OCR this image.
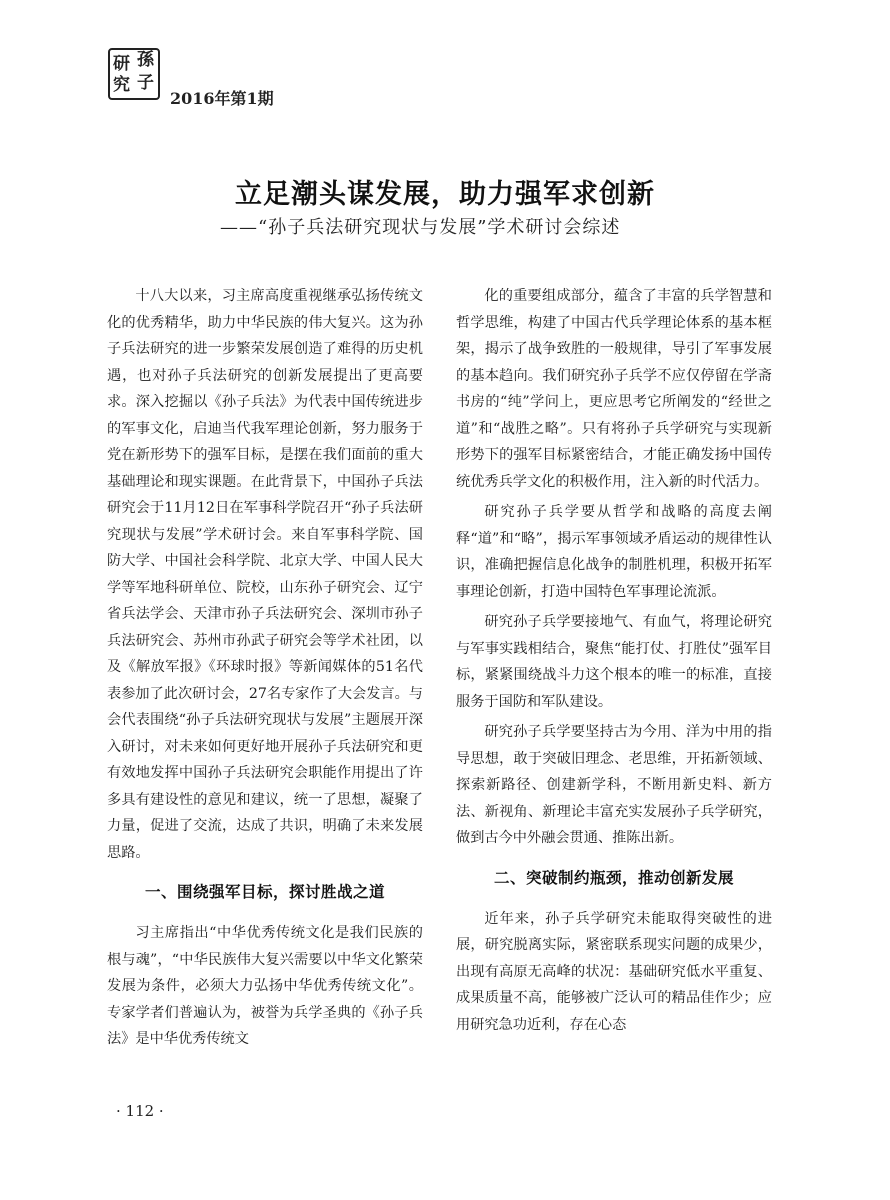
研 孫
究 子
2016年第1期
立足潮头谋发展，助力强军求创新
——“孙子兵法研究现状与发展”学术研讨会综述

十八大以来，习主席高度重视继承弘扬传统文化的优秀精华，助力中华民族的伟大复兴。这为孙子兵法研究的进一步繁荣发展创造了难得的历史机遇，也对孙子兵法研究的创新发展提出了更高要求。深入挖掘以《孙子兵法》为代表中国传统进步的军事文化，启迪当代我军理论创新，努力服务于党在新形势下的强军目标，是摆在我们面前的重大基础理论和现实课题。在此背景下，中国孙子兵法研究会于11月12日在军事科学院召开“孙子兵法研究现状与发展”学术研讨会。来自军事科学院、国防大学、中国社会科学院、北京大学、中国人民大学等军地科研单位、院校，山东孙子研究会、辽宁省兵法学会、天津市孙子兵法研究会、深圳市孙子兵法研究会、苏州市孙武子研究会等学术社团，以及《解放军报》《环球时报》等新闻媒体的51名代表参加了此次研讨会，27名专家作了大会发言。与会代表围绕“孙子兵法研究现状与发展”主题展开深入研讨，对未来如何更好地开展孙子兵法研究和更有效地发挥中国孙子兵法研究会职能作用提出了许多具有建设性的意见和建议，统一了思想，凝聚了力量，促进了交流，达成了共识，明确了未来发展思路。

一、围绕强军目标，探讨胜战之道

习主席指出“中华优秀传统文化是我们民族的根与魂”，“中华民族伟大复兴需要以中华文化繁荣发展为条件，必须大力弘扬中华优秀传统文化”。专家学者们普遍认为，被誉为兵学圣典的《孙子兵法》是中华优秀传统文

化的重要组成部分，蕴含了丰富的兵学智慧和哲学思维，构建了中国古代兵学理论体系的基本框架，揭示了战争致胜的一般规律，导引了军事发展的基本趋向。我们研究孙子兵学不应仅停留在学斋书房的“纯”学问上，更应思考它所阐发的“经世之道”和“战胜之略”。只有将孙子兵学研究与实现新形势下的强军目标紧密结合，才能正确发扬中国传统优秀兵学文化的积极作用，注入新的时代活力。

研究孙子兵学要从哲学和战略的高度去阐释“道”和“略”，揭示军事领域矛盾运动的规律性认识，准确把握信息化战争的制胜机理，积极开拓军事理论创新，打造中国特色军事理论流派。

研究孙子兵学要接地气、有血气，将理论研究与军事实践相结合，聚焦“能打仗、打胜仗”强军目标，紧紧围绕战斗力这个根本的唯一的标准，直接服务于国防和军队建设。

研究孙子兵学要坚持古为今用、洋为中用的指导思想，敢于突破旧理念、老思维，开拓新领域、探索新路径、创建新学科，不断用新史料、新方法、新视角、新理论丰富充实发展孙子兵学研究，做到古今中外融会贯通、推陈出新。

二、突破制约瓶颈，推动创新发展

近年来，孙子兵学研究未能取得突破性的进展，研究脱离实际，紧密联系现实问题的成果少，出现有高原无高峰的状况：基础研究低水平重复、成果质量不高，能够被广泛认可的精品佳作少；应用研究急功近利，存在心态

· 112 ·
